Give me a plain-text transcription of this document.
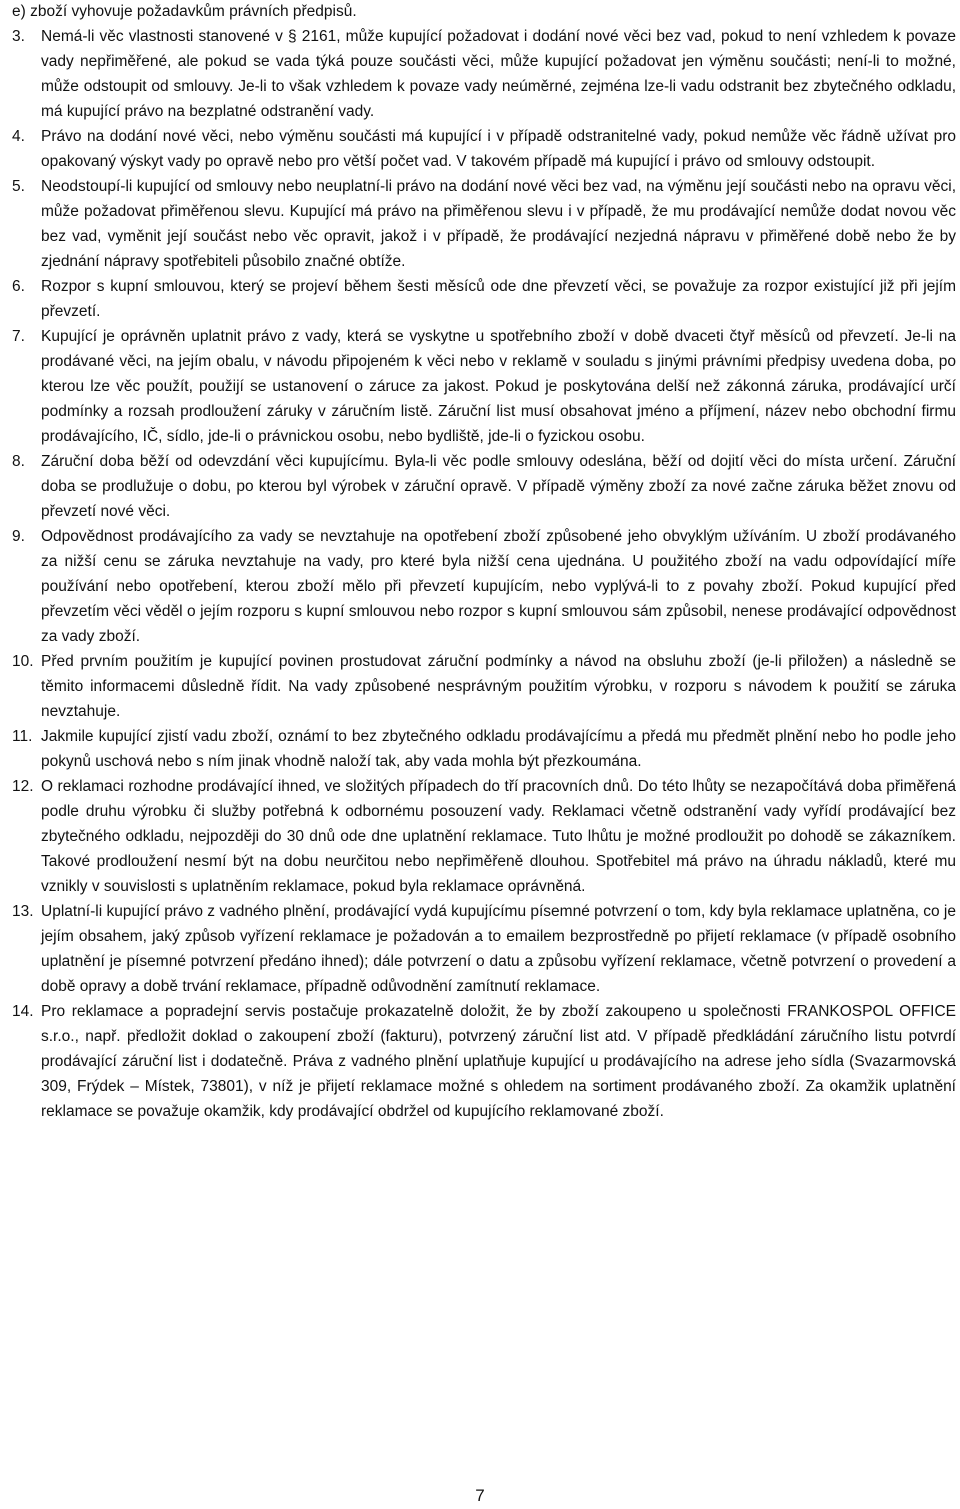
e) zboží vyhovuje požadavkům právních předpisů.
3.	Nemá-li věc vlastnosti stanovené v § 2161, může kupující požadovat i dodání nové věci bez vad, pokud to není vzhledem k povaze vady nepřiměřené, ale pokud se vada týká pouze součásti věci, může kupující požadovat jen výměnu součásti; není-li to možné, může odstoupit od smlouvy. Je-li to však vzhledem k povaze vady neúměrné, zejména lze-li vadu odstranit bez zbytečného odkladu, má kupující právo na bezplatné odstranění vady.
4.	Právo na dodání nové věci, nebo výměnu součásti má kupující i v případě odstranitelné vady, pokud nemůže věc řádně užívat pro opakovaný výskyt vady po opravě nebo pro větší počet vad. V takovém případě má kupující i právo od smlouvy odstoupit.
5.	Neodstoupí-li kupující od smlouvy nebo neuplatní-li právo na dodání nové věci bez vad, na výměnu její součásti nebo na opravu věci, může požadovat přiměřenou slevu. Kupující má právo na přiměřenou slevu i v případě, že mu prodávající nemůže dodat novou věc bez vad, vyměnit její součást nebo věc opravit, jakož i v případě, že prodávající nezjedná nápravu v přiměřené době nebo že by zjednání nápravy spotřebiteli působilo značné obtíže.
6.	Rozpor s kupní smlouvou, který se projeví během šesti měsíců ode dne převzetí věci, se považuje za rozpor existující již při jejím převzetí.
7.	Kupující je oprávněn uplatnit právo z vady, která se vyskytne u spotřebního zboží v době dvaceti čtyř měsíců od převzetí. Je-li na prodávané věci, na jejím obalu, v návodu připojeném k věci nebo v reklamě v souladu s jinými právními předpisy uvedena doba, po kterou lze věc použít, použijí se ustanovení o záruce za jakost. Pokud je poskytována delší než zákonná záruka, prodávající určí podmínky a rozsah prodloužení záruky v záručním listě. Záruční list musí obsahovat jméno a příjmení, název nebo obchodní firmu prodávajícího, IČ, sídlo, jde-li o právnickou osobu, nebo bydliště, jde-li o fyzickou osobu.
8.	Záruční doba běží od odevzdání věci kupujícímu. Byla-li věc podle smlouvy odeslána, běží od dojití věci do místa určení. Záruční doba se prodlužuje o dobu, po kterou byl výrobek v záruční opravě. V případě výměny zboží za nové začne záruka běžet znovu od převzetí nové věci.
9.	Odpovědnost prodávajícího za vady se nevztahuje na opotřebení zboží způsobené jeho obvyklým užíváním. U zboží prodávaného za nižší cenu se záruka nevztahuje na vady, pro které byla nižší cena ujednána. U použitého zboží na vadu odpovídající míře používání nebo opotřebení, kterou zboží mělo při převzetí kupujícím, nebo vyplývá-li to z povahy zboží. Pokud kupující před převzetím věci věděl o jejím rozporu s kupní smlouvou nebo rozpor s kupní smlouvou sám způsobil, nenese prodávající odpovědnost za vady zboží.
10. Před prvním použitím je kupující povinen prostudovat záruční podmínky a návod na obsluhu zboží (je-li přiložen) a následně se těmito informacemi důsledně řídit. Na vady způsobené nesprávným použitím výrobku, v rozporu s návodem k použití se záruka nevztahuje.
11. Jakmile kupující zjistí vadu zboží, oznámí to bez zbytečného odkladu prodávajícímu a předá mu předmět plnění nebo ho podle jeho pokynů uschová nebo s ním jinak vhodně naloží tak, aby vada mohla být přezkoumána.
12. O reklamaci rozhodne prodávající ihned, ve složitých případech do tří pracovních dnů. Do této lhůty se nezapočítává doba přiměřená podle druhu výrobku či služby potřebná k odbornému posouzení vady. Reklamaci včetně odstranění vady vyřídí prodávající bez zbytečného odkladu, nejpozději do 30 dnů ode dne uplatnění reklamace. Tuto lhůtu je možné prodloužit po dohodě se zákazníkem. Takové prodloužení nesmí být na dobu neurčitou nebo nepřiměřeně dlouhou. Spotřebitel má právo na úhradu nákladů, které mu vznikly v souvislosti s uplatněním reklamace, pokud byla reklamace oprávněná.
13. Uplatní-li kupující právo z vadného plnění, prodávající vydá kupujícímu písemné potvrzení o tom, kdy byla reklamace uplatněna, co je jejím obsahem, jaký způsob vyřízení reklamace je požadován a to emailem bezprostředně po přijetí reklamace (v případě osobního uplatnění je písemné potvrzení předáno ihned); dále potvrzení o datu a způsobu vyřízení reklamace, včetně potvrzení o provedení a době opravy a době trvání reklamace, případně odůvodnění zamítnutí reklamace.
14. Pro reklamace a popradejní servis postačuje prokazatelně doložit, že by zboží zakoupeno u společnosti FRANKOSPOL OFFICE s.r.o., např. předložit doklad o zakoupení zboží (fakturu), potvrzený záruční list atd. V případě předkládání záručního listu potvrdí prodávající záruční list i dodatečně. Práva z vadného plnění uplatňuje kupující u prodávajícího na adrese jeho sídla (Svazarmovská 309, Frýdek – Místek, 73801), v níž je přijetí reklamace možné s ohledem na sortiment prodávaného zboží. Za okamžik uplatnění reklamace se považuje okamžik, kdy prodávající obdržel od kupujícího reklamované zboží.
7
